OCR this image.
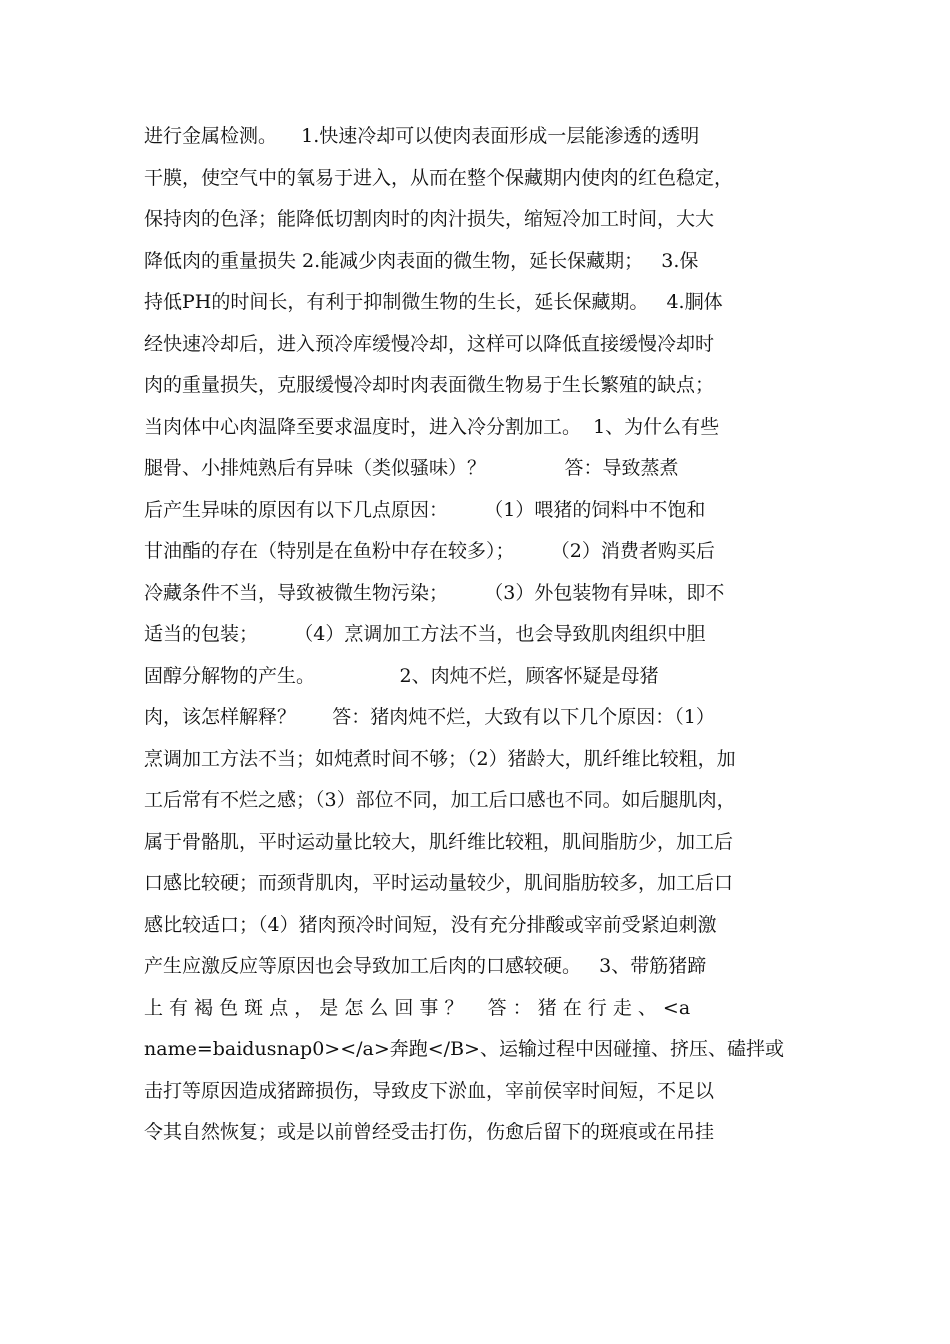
进行金属检测。    1.快速冷却可以使肉表面形成一层能渗透的透明
干膜，使空气中的氧易于进入，从而在整个保藏期内使肉的红色稳定，
保持肉的色泽；能降低切割肉时的肉汁损失，缩短冷加工时间，大大
降低肉的重量损失 2.能减少肉表面的微生物，延长保藏期；   3.保
持低PH的时间长，有利于抑制微生物的生长，延长保藏期。   4.胴体
经快速冷却后，进入预冷库缓慢冷却，这样可以降低直接缓慢冷却时
肉的重量损失，克服缓慢冷却时肉表面微生物易于生长繁殖的缺点；
当肉体中心肉温降至要求温度时，进入冷分割加工。  1、为什么有些
腿骨、小排炖熟后有异味（类似骚味）？             答：导致蒸煮
后产生异味的原因有以下几点原因：      （1）喂猪的饲料中不饱和
甘油酯的存在（特别是在鱼粉中存在较多）；      （2）消费者购买后
冷藏条件不当，导致被微生物污染；      （3）外包装物有异味，即不
适当的包装；      （4）烹调加工方法不当，也会导致肌肉组织中胆
固醇分解物的产生。              2、肉炖不烂，顾客怀疑是母猪
肉，该怎样解释？      答：猪肉炖不烂，大致有以下几个原因：（1）
烹调加工方法不当；如炖煮时间不够；（2）猪龄大，肌纤维比较粗，加
工后常有不烂之感；（3）部位不同，加工后口感也不同。如后腿肌肉，
属于骨骼肌，平时运动量比较大，肌纤维比较粗，肌间脂肪少，加工后
口感比较硬；而颈背肌肉，平时运动量较少，肌间脂肪较多，加工后口
感比较适口；（4）猪肉预冷时间短，没有充分排酸或宰前受紧迫刺激
产生应激反应等原因也会导致加工后肉的口感较硬。   3、带筋猪蹄
上 有 褐 色 斑 点 ， 是 怎 么 回 事 ？    答 ： 猪 在 行 走 、 <a
name=baidusnap0></a>奔跑</B>、运输过程中因碰撞、挤压、磕拌或
击打等原因造成猪蹄损伤，导致皮下淤血，宰前侯宰时间短，不足以
令其自然恢复；或是以前曾经受击打伤，伤愈后留下的斑痕或在吊挂
